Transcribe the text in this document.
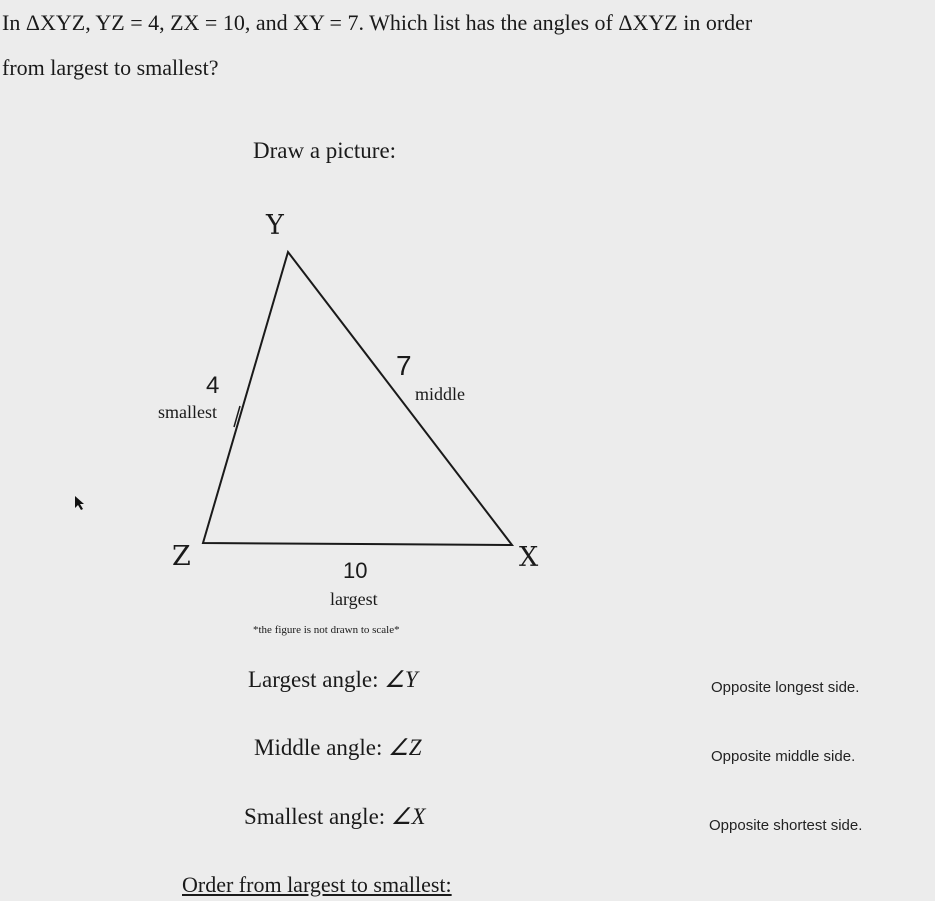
In ΔXYZ, YZ = 4, ZX = 10, and XY = 7. Which list has the angles of ΔXYZ in order
from largest to smallest?
Draw a picture:
Y
Z	X
4
smallest
7
middle
10
largest
*the figure is not drawn to scale*
Largest angle: ∠Y	Opposite longest side.
Middle angle: ∠Z	Opposite middle side.
Smallest angle: ∠X	Opposite shortest side.
Order from largest to smallest:
